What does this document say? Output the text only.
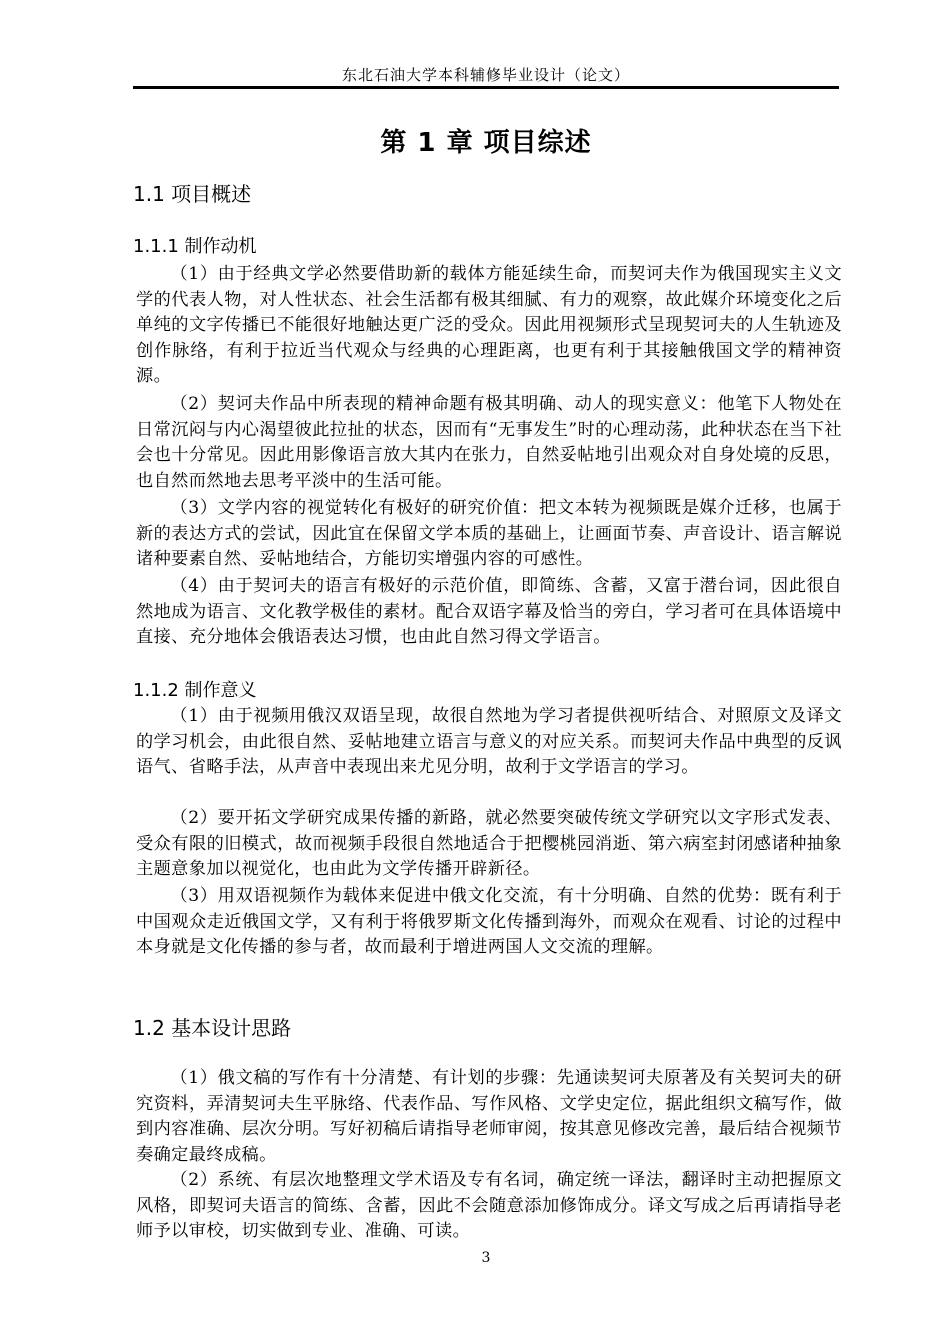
东北石油大学本科辅修毕业设计（论文）
第 1 章 项目综述
1.1 项目概述
1.1.1 制作动机
（1）由于经典文学必然要借助新的载体方能延续生命，而契诃夫作为俄国现实主义文学的代表人物，对人性状态、社会生活都有极其细腻、有力的观察，故此媒介环境变化之后单纯的文字传播已不能很好地触达更广泛的受众。因此用视频形式呈现契诃夫的人生轨迹及创作脉络，有利于拉近当代观众与经典的心理距离，也更有利于其接触俄国文学的精神资源。
（2）契诃夫作品中所表现的精神命题有极其明确、动人的现实意义：他笔下人物处在日常沉闷与内心渴望彼此拉扯的状态，因而有“无事发生”时的心理动荡，此种状态在当下社会也十分常见。因此用影像语言放大其内在张力，自然妥帖地引出观众对自身处境的反思，也自然而然地去思考平淡中的生活可能。
（3）文学内容的视觉转化有极好的研究价值：把文本转为视频既是媒介迁移，也属于新的表达方式的尝试，因此宜在保留文学本质的基础上，让画面节奏、声音设计、语言解说诸种要素自然、妥帖地结合，方能切实增强内容的可感性。
（4）由于契诃夫的语言有极好的示范价值，即简练、含蓄，又富于潜台词，因此很自然地成为语言、文化教学极佳的素材。配合双语字幕及恰当的旁白，学习者可在具体语境中直接、充分地体会俄语表达习惯，也由此自然习得文学语言。
1.1.2 制作意义
（1）由于视频用俄汉双语呈现，故很自然地为学习者提供视听结合、对照原文及译文的学习机会，由此很自然、妥帖地建立语言与意义的对应关系。而契诃夫作品中典型的反讽语气、省略手法，从声音中表现出来尤见分明，故利于文学语言的学习。
（2）要开拓文学研究成果传播的新路，就必然要突破传统文学研究以文字形式发表、受众有限的旧模式，故而视频手段很自然地适合于把樱桃园消逝、第六病室封闭感诸种抽象主题意象加以视觉化，也由此为文学传播开辟新径。
（3）用双语视频作为载体来促进中俄文化交流，有十分明确、自然的优势：既有利于中国观众走近俄国文学，又有利于将俄罗斯文化传播到海外，而观众在观看、讨论的过程中本身就是文化传播的参与者，故而最利于增进两国人文交流的理解。
1.2 基本设计思路
（1）俄文稿的写作有十分清楚、有计划的步骤：先通读契诃夫原著及有关契诃夫的研究资料，弄清契诃夫生平脉络、代表作品、写作风格、文学史定位，据此组织文稿写作，做到内容准确、层次分明。写好初稿后请指导老师审阅，按其意见修改完善，最后结合视频节奏确定最终成稿。
（2）系统、有层次地整理文学术语及专有名词，确定统一译法，翻译时主动把握原文风格，即契诃夫语言的简练、含蓄，因此不会随意添加修饰成分。译文写成之后再请指导老师予以审校，切实做到专业、准确、可读。
3
